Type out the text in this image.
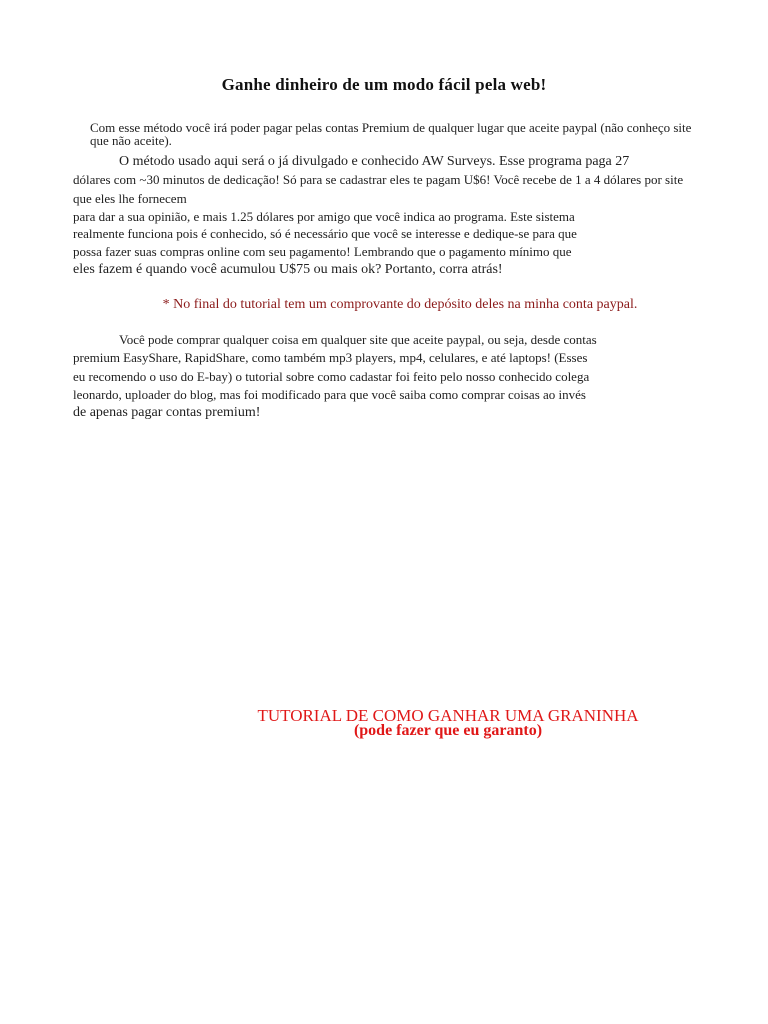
Ganhe dinheiro de um modo fácil pela web!
Com esse método você irá poder pagar pelas contas Premium de qualquer lugar que aceite paypal (não conheço site
que não aceite).
O método usado aqui será o já divulgado e conhecido AW Surveys. Esse programa paga 27
dólares com ~30 minutos de dedicação! Só para se cadastrar eles te pagam U$6! Você recebe de 1 a 4 dólares por site
que eles lhe fornecem
para dar a sua opinião, e mais 1.25 dólares por amigo que você indica ao programa. Este sistema
realmente funciona pois é conhecido, só é necessário que você se interesse e dedique-se para que
possa fazer suas compras online com seu pagamento! Lembrando que o pagamento mínimo que
eles fazem é quando você acumulou U$75 ou mais ok? Portanto, corra atrás!
* No final do tutorial tem um comprovante do depósito deles na minha conta paypal.
Você pode comprar qualquer coisa em qualquer site que aceite paypal, ou seja, desde contas
premium EasyShare, RapidShare, como também mp3 players, mp4, celulares, e até laptops! (Esses
eu recomendo o uso do E-bay) o tutorial sobre como cadastar foi feito pelo nosso conhecido colega
leonardo, uploader do blog, mas foi modificado para que você saiba como comprar coisas ao invés
de apenas pagar contas premium!
TUTORIAL DE COMO GANHAR UMA GRANINHA
(pode fazer que eu garanto)
